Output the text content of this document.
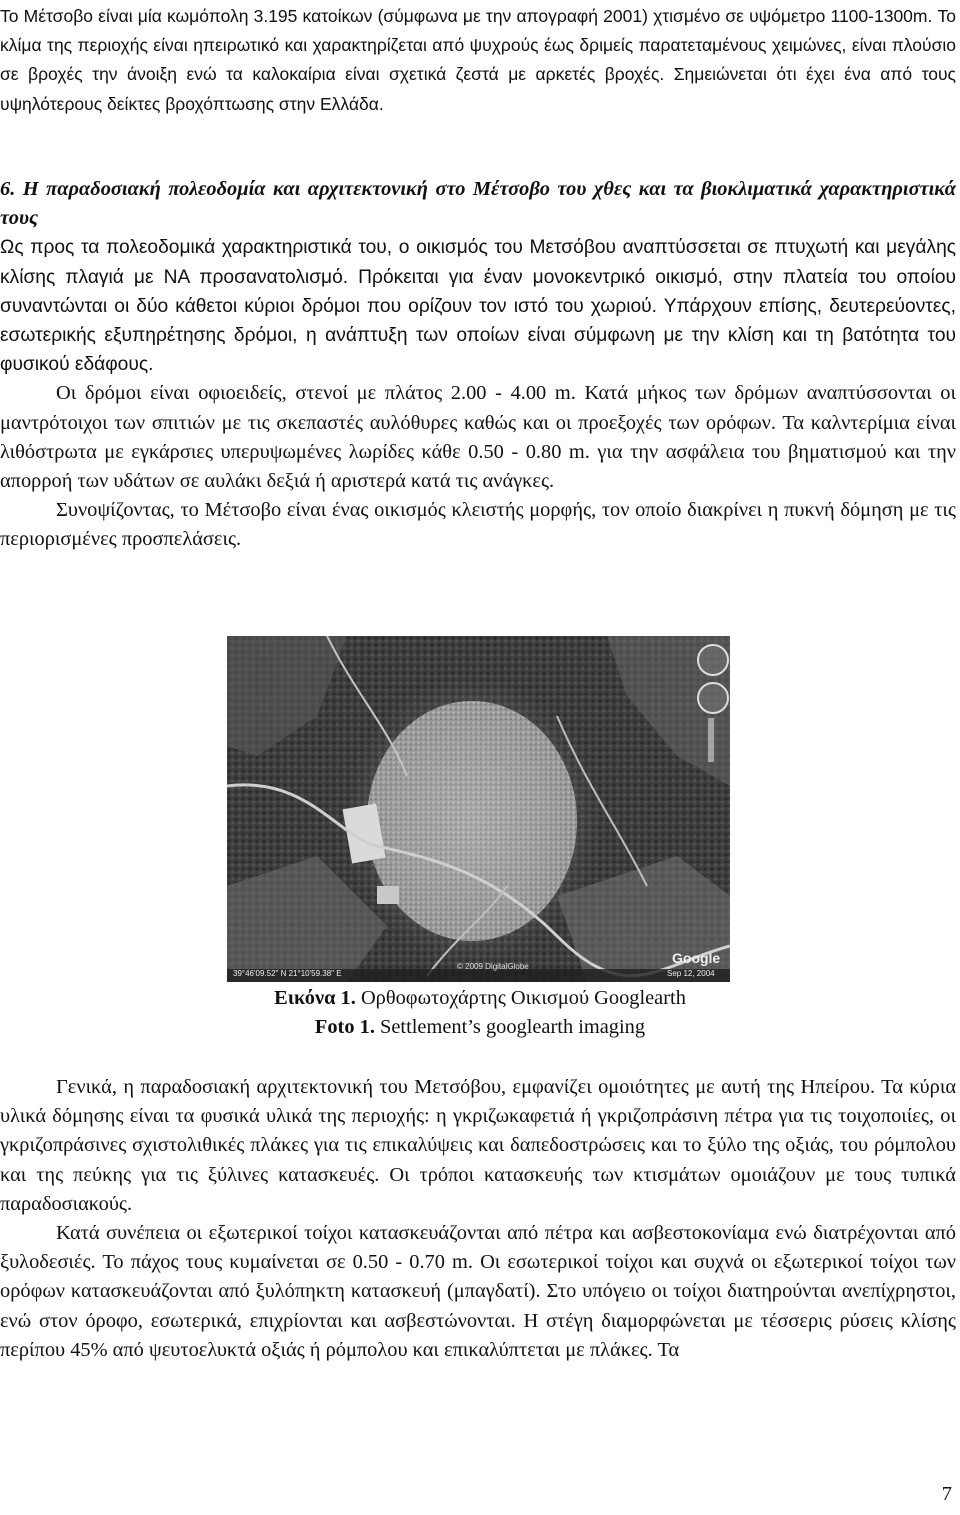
Το Μέτσοβο είναι μία κωμόπολη 3.195 κατοίκων (σύμφωνα με την απογραφή 2001) χτισμένο σε υψόμετρο 1100-1300m. Το κλίμα της περιοχής είναι ηπειρωτικό και χαρακτηρίζεται από ψυχρούς έως δριμείς παρατεταμένους χειμώνες, είναι πλούσιο σε βροχές την άνοιξη ενώ τα καλοκαίρια είναι σχετικά ζεστά με αρκετές βροχές. Σημειώνεται ότι έχει ένα από τους υψηλότερους δείκτες βροχόπτωσης στην Ελλάδα.

6. Η παραδοσιακή πολεοδομία και αρχιτεκτονική στο Μέτσοβο του χθες και τα βιοκλιματικά χαρακτηριστικά τους

Ως προς τα πολεοδομικά χαρακτηριστικά του, ο οικισμός του Μετσόβου αναπτύσσεται σε πτυχωτή και μεγάλης κλίσης πλαγιά με ΝΑ προσανατολισμό. Πρόκειται για έναν μονοκεντρικό οικισμό, στην πλατεία του οποίου συναντώνται οι δύο κάθετοι κύριοι δρόμοι που ορίζουν τον ιστό του χωριού. Υπάρχουν επίσης, δευτερεύοντες, εσωτερικής εξυπηρέτησης δρόμοι, η ανάπτυξη των οποίων είναι σύμφωνη με την κλίση και τη βατότητα του φυσικού εδάφους.

Οι δρόμοι είναι οφιοειδείς, στενοί με πλάτος 2.00 - 4.00 m. Κατά μήκος των δρόμων αναπτύσσονται οι μαντρότοιχοι των σπιτιών με τις σκεπαστές αυλόθυρες καθώς και οι προεξοχές των ορόφων. Τα καλντερίμια είναι λιθόστρωτα με εγκάρσιες υπερυψωμένες λωρίδες κάθε 0.50 - 0.80 m. για την ασφάλεια του βηματισμού και την απορροή των υδάτων σε αυλάκι δεξιά ή αριστερά κατά τις ανάγκες.

Συνοψίζοντας, το Μέτσοβο είναι ένας οικισμός κλειστής μορφής, τον οποίο διακρίνει η πυκνή δόμηση με τις περιορισμένες προσπελάσεις.

39°46'09.52" N 21°10'59.38" E
© 2009 DigitalGlobe
Google
Sep 12, 2004
Εικόνα 1. Ορθοφωτοχάρτης Οικισμού Googlearth
Foto 1. Settlement’s googlearth imaging

Γενικά, η παραδοσιακή αρχιτεκτονική του Μετσόβου, εμφανίζει ομοιότητες με αυτή της Ηπείρου. Τα κύρια υλικά δόμησης είναι τα φυσικά υλικά της περιοχής: η γκριζωκαφετιά ή γκριζοπράσινη πέτρα για τις τοιχοποιίες, οι γκριζοπράσινες σχιστολιθικές πλάκες για τις επικαλύψεις και δαπεδοστρώσεις και το ξύλο της οξιάς, του ρόμπολου και της πεύκης για τις ξύλινες κατασκευές. Οι τρόποι κατασκευής των κτισμάτων ομοιάζουν με τους τυπικά παραδοσιακούς.

Κατά συνέπεια οι εξωτερικοί τοίχοι κατασκευάζονται από πέτρα και ασβεστοκονίαμα ενώ διατρέχονται από ξυλοδεσιές. Το πάχος τους κυμαίνεται σε 0.50 - 0.70 m. Οι εσωτερικοί τοίχοι και συχνά οι εξωτερικοί τοίχοι των ορόφων κατασκευάζονται από ξυλόπηκτη κατασκευή (μπαγδατί). Στο υπόγειο οι τοίχοι διατηρούνται ανεπίχρηστοι, ενώ στον όροφο, εσωτερικά, επιχρίονται και ασβεστώνονται. Η στέγη διαμορφώνεται με τέσσερις ρύσεις κλίσης περίπου 45% από ψευτοελυκτά οξιάς ή ρόμπολου και επικαλύπτεται με πλάκες. Τα

7
